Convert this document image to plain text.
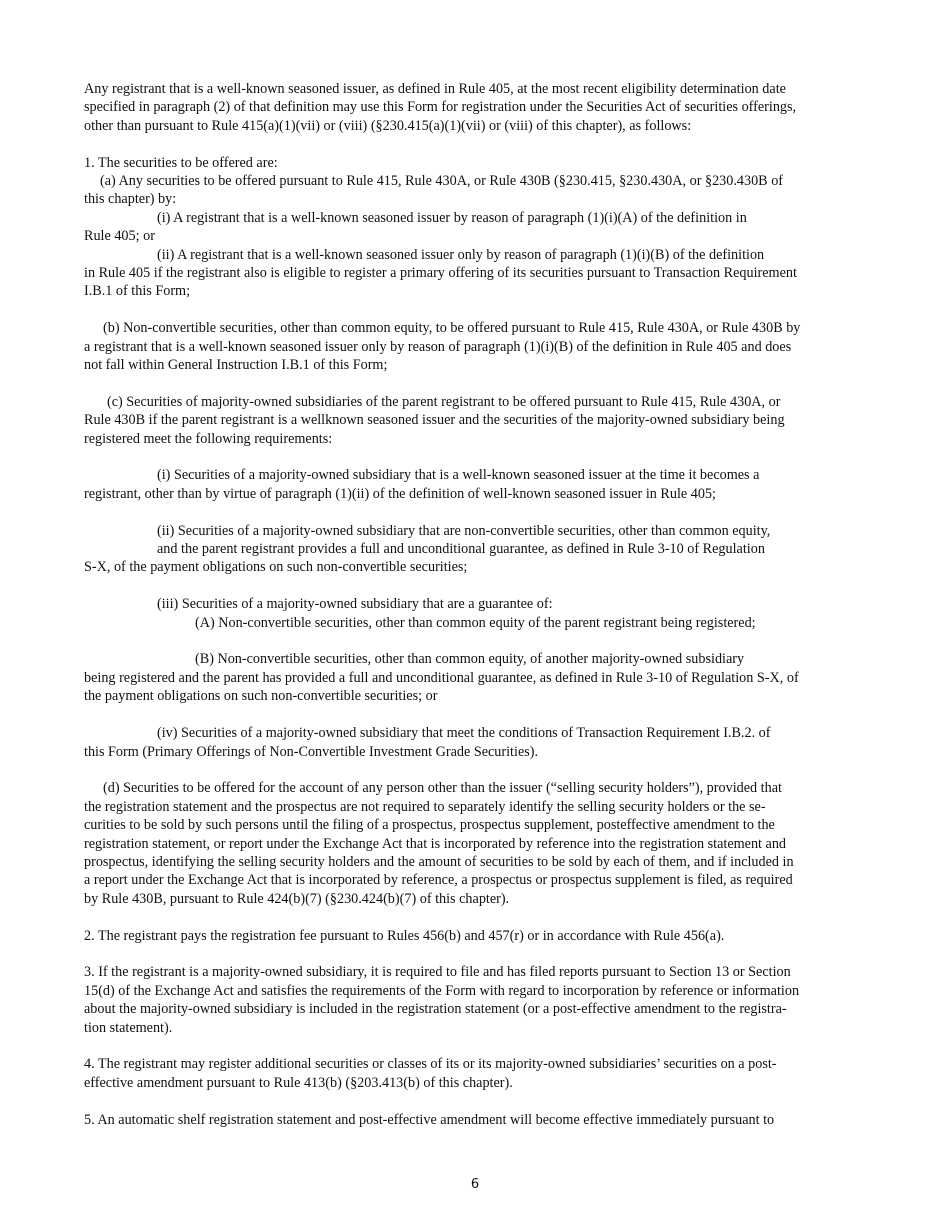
Any registrant that is a well-known seasoned issuer, as defined in Rule 405, at the most recent eligibility determination date
specified in paragraph (2) of that definition may use this Form for registration under the Securities Act of securities offerings,
other than pursuant to Rule 415(a)(1)(vii) or (viii) (§230.415(a)(1)(vii) or (viii) of this chapter), as follows:
1. The securities to be offered are:
(a) Any securities to be offered pursuant to Rule 415, Rule 430A, or Rule 430B (§230.415, §230.430A, or §230.430B of
this chapter) by:
(i) A registrant that is a well-known seasoned issuer by reason of paragraph (1)(i)(A) of the definition in
Rule 405; or
(ii) A registrant that is a well-known seasoned issuer only by reason of paragraph (1)(i)(B) of the definition
in Rule 405 if the registrant also is eligible to register a primary offering of its securities pursuant to Transaction Requirement
I.B.1 of this Form;
(b) Non-convertible securities, other than common equity, to be offered pursuant to Rule 415, Rule 430A, or Rule 430B by
a registrant that is a well-known seasoned issuer only by reason of paragraph (1)(i)(B) of the definition in Rule 405 and does
not fall within General Instruction I.B.1 of this Form;
(c) Securities of majority-owned subsidiaries of the parent registrant to be offered pursuant to Rule 415, Rule 430A, or
Rule 430B if the parent registrant is a wellknown seasoned issuer and the securities of the majority-owned subsidiary being
registered meet the following requirements:
(i) Securities of a majority-owned subsidiary that is a well-known seasoned issuer at the time it becomes a
registrant, other than by virtue of paragraph (1)(ii) of the definition of well-known seasoned issuer in Rule 405;
(ii) Securities of a majority-owned subsidiary that are non-convertible securities, other than common equity,
and the parent registrant provides a full and unconditional guarantee, as defined in Rule 3-10 of Regulation
S-X, of the payment obligations on such non-convertible securities;
(iii) Securities of a majority-owned subsidiary that are a guarantee of:
(A) Non-convertible securities, other than common equity of the parent registrant being registered;
(B) Non-convertible securities, other than common equity, of another majority-owned subsidiary
being registered and the parent has provided a full and unconditional guarantee, as defined in Rule 3-10 of Regulation S-X, of
the payment obligations on such non-convertible securities; or
(iv) Securities of a majority-owned subsidiary that meet the conditions of Transaction Requirement I.B.2. of
this Form (Primary Offerings of Non-Convertible Investment Grade Securities).
(d) Securities to be offered for the account of any person other than the issuer (“selling security holders”), provided that
the registration statement and the prospectus are not required to separately identify the selling security holders or the se-
curities to be sold by such persons until the filing of a prospectus, prospectus supplement, posteffective amendment to the
registration statement, or report under the Exchange Act that is incorporated by reference into the registration statement and
prospectus, identifying the selling security holders and the amount of securities to be sold by each of them, and if included in
a report under the Exchange Act that is incorporated by reference, a prospectus or prospectus supplement is filed, as required
by Rule 430B, pursuant to Rule 424(b)(7) (§230.424(b)(7) of this chapter).
2. The registrant pays the registration fee pursuant to Rules 456(b) and 457(r) or in accordance with Rule 456(a).
3. If the registrant is a majority-owned subsidiary, it is required to file and has filed reports pursuant to Section 13 or Section
15(d) of the Exchange Act and satisfies the requirements of the Form with regard to incorporation by reference or information
about the majority-owned subsidiary is included in the registration statement (or a post-effective amendment to the registra-
tion statement).
4. The registrant may register additional securities or classes of its or its majority-owned subsidiaries’ securities on a post-
effective amendment pursuant to Rule 413(b) (§203.413(b) of this chapter).
5. An automatic shelf registration statement and post-effective amendment will become effective immediately pursuant to
6
